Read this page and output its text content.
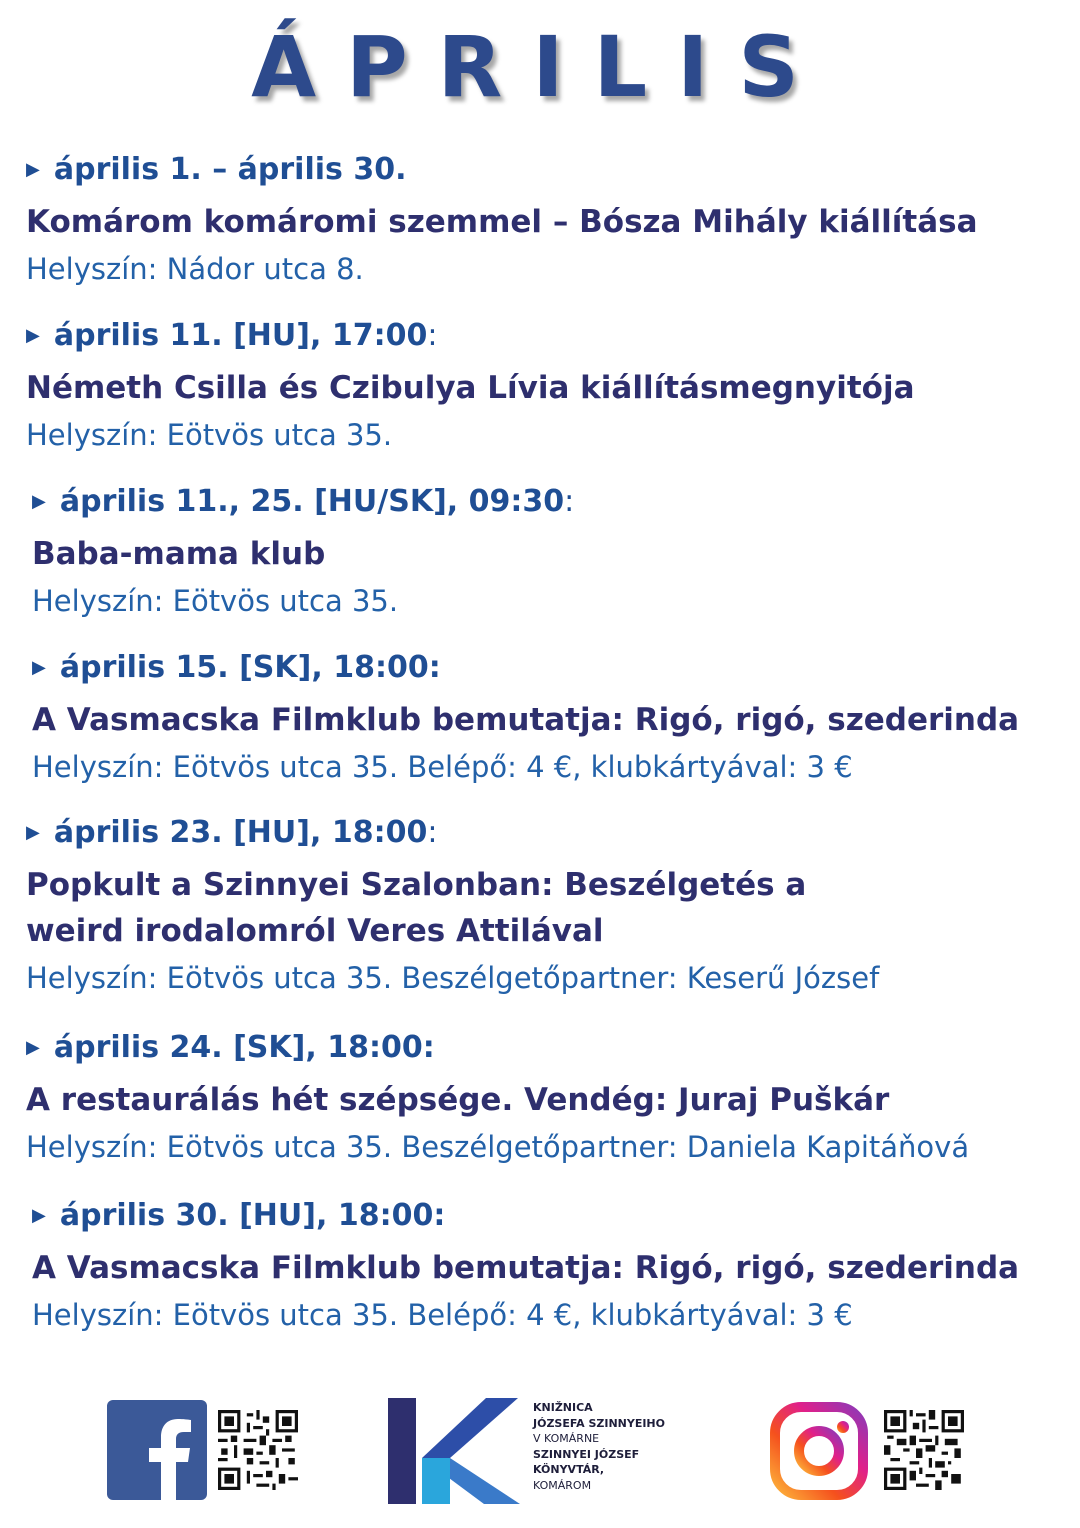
ÁPRILIS
▶ április 1. – április 30.
Komárom komáromi szemmel – Bósza Mihály kiállítása
Helyszín: Nádor utca 8.
▶ április 11. [HU], 17:00:
Németh Csilla és Czibulya Lívia kiállításmegnyitója
Helyszín: Eötvös utca 35.
▶ április 11., 25. [HU/SK], 09:30:
Baba-mama klub
Helyszín: Eötvös utca 35.
▶ április 15. [SK], 18:00:
A Vasmacska Filmklub bemutatja: Rigó, rigó, szederinda
Helyszín: Eötvös utca 35. Belépő: 4 €, klubkártyával: 3 €
▶ április 23. [HU], 18:00:
Popkult a Szinnyei Szalonban: Beszélgetés a weird irodalomról Veres Attilával
Helyszín: Eötvös utca 35. Beszélgetőpartner: Keserű József
▶ április 24. [SK], 18:00:
A restaurálás hét szépsége. Vendég: Juraj Puškár
Helyszín: Eötvös utca 35. Beszélgetőpartner: Daniela Kapitáňová
▶ április 30. [HU], 18:00:
A Vasmacska Filmklub bemutatja: Rigó, rigó, szederinda
Helyszín: Eötvös utca 35. Belépő: 4 €, klubkártyával: 3 €
KNIŽNICA
JÓZSEFA SZINNYEIHO
V KOMÁRNE
SZINNYEI JÓZSEF
KÖNYVTÁR,
KOMÁROM
